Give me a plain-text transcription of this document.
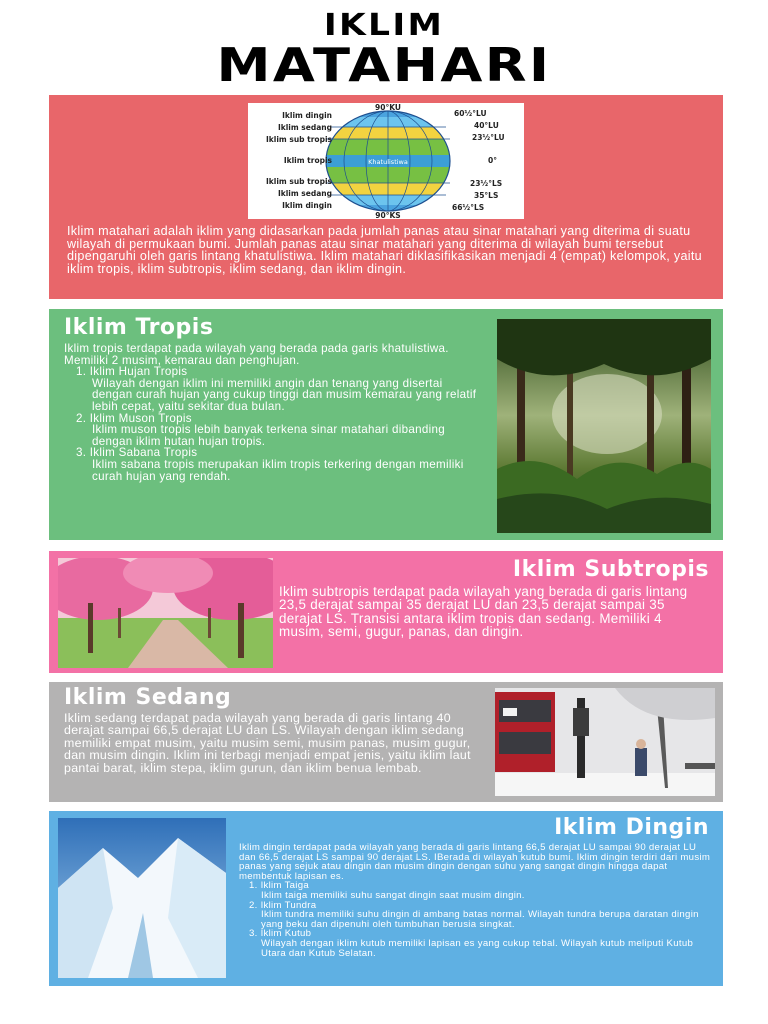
IKLIM
MATAHARI
Khatulistiwa
90°KU
90°KS
Iklim dingin
Iklim sedang
Iklim sub tropis
Iklim tropis
Iklim sub tropis
Iklim sedang
Iklim dingin
60½°LU
40°LU
23½°LU
0°
23½°LS
35°LS
66½°LS

Iklim matahari adalah iklim yang didasarkan pada jumlah panas atau sinar matahari yang diterima di suatu wilayah di permukaan bumi. Jumlah panas atau sinar matahari yang diterima di wilayah bumi tersebut dipengaruhi oleh garis lintang khatulistiwa. Iklim matahari diklasifikasikan menjadi 4 (empat) kelompok, yaitu iklim tropis, iklim subtropis, iklim sedang, dan iklim dingin.

Iklim Tropis

Iklim tropis terdapat pada wilayah yang berada pada garis khatulistiwa. Memiliki 2 musim, kemarau dan penghujan.

1. Iklim Hujan Tropis

Wilayah dengan iklim ini memiliki angin dan tenang yang disertai dengan curah hujan yang cukup tinggi dan musim kemarau yang relatif lebih cepat, yaitu sekitar dua bulan.

2. Iklim Muson Tropis

Iklim muson tropis lebih banyak terkena sinar matahari dibanding dengan iklim hutan hujan tropis.

3. Iklim Sabana Tropis

Iklim sabana tropis merupakan iklim tropis terkering dengan memiliki curah hujan yang rendah.

Iklim Subtropis

Iklim subtropis terdapat pada wilayah yang berada di garis lintang 23,5 derajat sampai 35 derajat LU dan 23,5 derajat sampai 35 derajat LS. Transisi antara iklim tropis dan sedang. Memiliki 4 musim, semi, gugur, panas, dan dingin.

Iklim Sedang

Iklim sedang terdapat pada wilayah yang berada di garis lintang 40 derajat sampai 66,5 derajat LU dan LS. Wilayah dengan iklim sedang memiliki empat musim, yaitu musim semi, musim panas, musim gugur, dan musim dingin. Iklim ini terbagi menjadi empat jenis, yaitu iklim laut pantai barat, iklim stepa, iklim gurun, dan iklim benua lembab.

Iklim Dingin

Iklim dingin terdapat pada wilayah yang berada di garis lintang 66,5 derajat LU sampai 90 derajat LU dan 66,5 derajat LS sampai 90 derajat LS. IBerada di wilayah kutub bumi. Iklim dingin terdiri dari musim panas yang sejuk atau dingin dan musim dingin dengan suhu yang sangat dingin hingga dapat membentuk lapisan es.

1. Iklim Taiga

Iklim taiga memiliki suhu sangat dingin saat musim dingin.

2. Iklim Tundra

Iklim tundra memiliki suhu dingin di ambang batas normal. Wilayah tundra berupa daratan dingin yang beku dan dipenuhi oleh tumbuhan berusia singkat.

3. Iklim Kutub

Wilayah dengan iklim kutub memiliki lapisan es yang cukup tebal. Wilayah kutub meliputi Kutub Utara dan Kutub Selatan.
